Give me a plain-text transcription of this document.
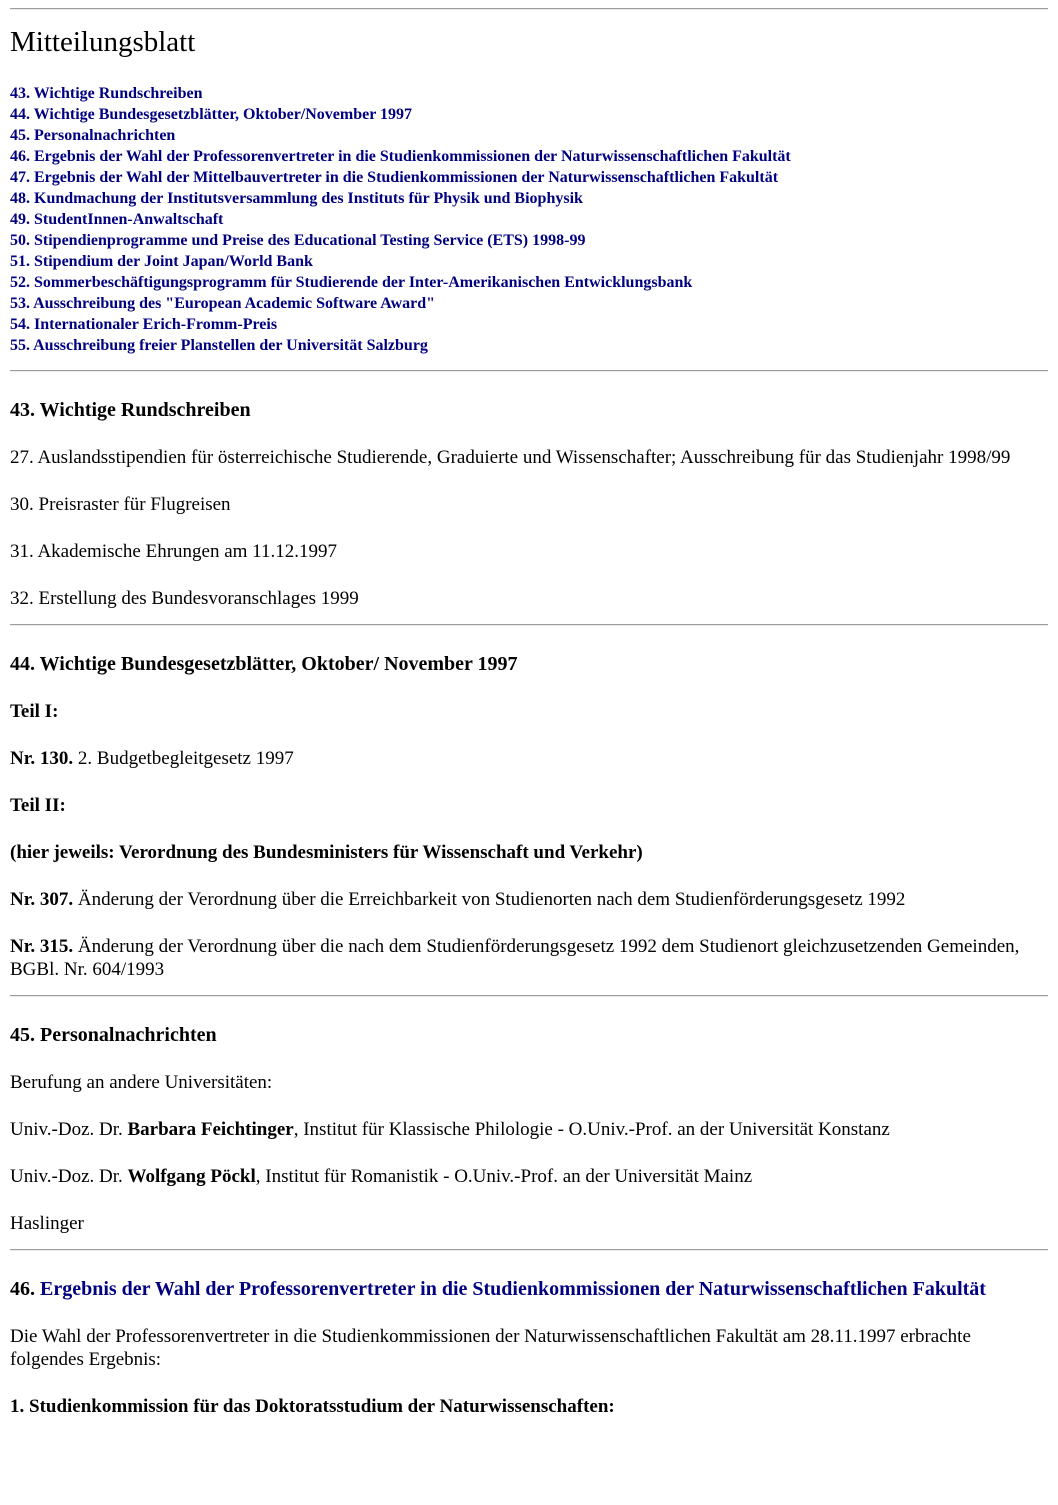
Mitteilungsblatt
43. Wichtige Rundschreiben
44. Wichtige Bundesgesetzblätter, Oktober/November 1997
45. Personalnachrichten
46. Ergebnis der Wahl der Professorenvertreter in die Studienkommissionen der Naturwissenschaftlichen Fakultät
47. Ergebnis der Wahl der Mittelbauvertreter in die Studienkommissionen der Naturwissenschaftlichen Fakultät
48. Kundmachung der Institutsversammlung des Instituts für Physik und Biophysik
49. StudentInnen-Anwaltschaft
50. Stipendienprogramme und Preise des Educational Testing Service (ETS) 1998-99
51. Stipendium der Joint Japan/World Bank
52. Sommerbeschäftigungsprogramm für Studierende der Inter-Amerikanischen Entwicklungsbank
53. Ausschreibung des "European Academic Software Award"
54. Internationaler Erich-Fromm-Preis
55. Ausschreibung freier Planstellen der Universität Salzburg
43. Wichtige Rundschreiben

27. Auslandsstipendien für österreichische Studierende, Graduierte und Wissenschafter; Ausschreibung für das Studienjahr 1998/99

30. Preisraster für Flugreisen

31. Akademische Ehrungen am 11.12.1997

32. Erstellung des Bundesvoranschlages 1999

44. Wichtige Bundesgesetzblätter, Oktober/ November 1997

Teil I:

Nr. 130. 2. Budgetbegleitgesetz 1997

Teil II:

(hier jeweils: Verordnung des Bundesministers für Wissenschaft und Verkehr)

Nr. 307. Änderung der Verordnung über die Erreichbarkeit von Studienorten nach dem Studienförderungsgesetz 1992

Nr. 315. Änderung der Verordnung über die nach dem Studienförderungsgesetz 1992 dem Studienort gleichzusetzenden Gemeinden, BGBl. Nr. 604/1993

45. Personalnachrichten

Berufung an andere Universitäten:

Univ.-Doz. Dr. Barbara Feichtinger, Institut für Klassische Philologie - O.Univ.-Prof. an der Universität Konstanz

Univ.-Doz. Dr. Wolfgang Pöckl, Institut für Romanistik - O.Univ.-Prof. an der Universität Mainz

Haslinger

46. Ergebnis der Wahl der Professorenvertreter in die Studienkommissionen der Naturwissenschaftlichen Fakultät

Die Wahl der Professorenvertreter in die Studienkommissionen der Naturwissenschaftlichen Fakultät am 28.11.1997 erbrachte folgendes Ergebnis:

1. Studienkommission für das Doktoratsstudium der Naturwissenschaften:
